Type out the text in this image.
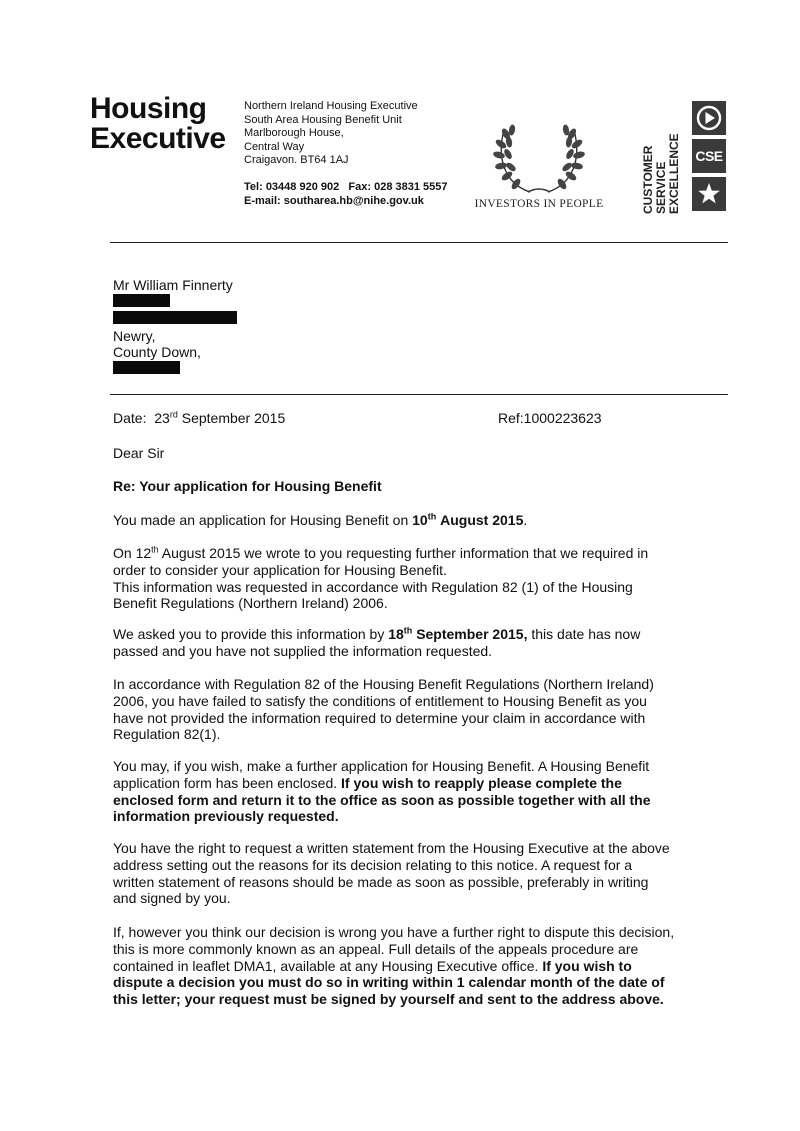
Housing
Executive
Northern Ireland Housing Executive
South Area Housing Benefit Unit
Marlborough House,
Central Way
Craigavon. BT64 1AJ
Tel: 03448 920 902 Fax: 028 3831 5557
E-mail: southarea.hb@nihe.gov.uk	INVESTORS IN PEOPLE	CUSTOMER SERVICE EXCELLENCE CSE
Mr William Finnerty
Newry,
County Down,
Date: 23rd September 2015	Ref:1000223623
Dear Sir
Re: Your application for Housing Benefit
You made an application for Housing Benefit on 10th August 2015.
On 12th August 2015 we wrote to you requesting further information that we required in
order to consider your application for Housing Benefit.
This information was requested in accordance with Regulation 82 (1) of the Housing
Benefit Regulations (Northern Ireland) 2006.
We asked you to provide this information by 18th September 2015, this date has now
passed and you have not supplied the information requested.
In accordance with Regulation 82 of the Housing Benefit Regulations (Northern Ireland)
2006, you have failed to satisfy the conditions of entitlement to Housing Benefit as you
have not provided the information required to determine your claim in accordance with
Regulation 82(1).
You may, if you wish, make a further application for Housing Benefit. A Housing Benefit
application form has been enclosed. If you wish to reapply please complete the
enclosed form and return it to the office as soon as possible together with all the
information previously requested.
You have the right to request a written statement from the Housing Executive at the above
address setting out the reasons for its decision relating to this notice. A request for a
written statement of reasons should be made as soon as possible, preferably in writing
and signed by you.
If, however you think our decision is wrong you have a further right to dispute this decision,
this is more commonly known as an appeal. Full details of the appeals procedure are
contained in leaflet DMA1, available at any Housing Executive office. If you wish to
dispute a decision you must do so in writing within 1 calendar month of the date of
this letter; your request must be signed by yourself and sent to the address above.
